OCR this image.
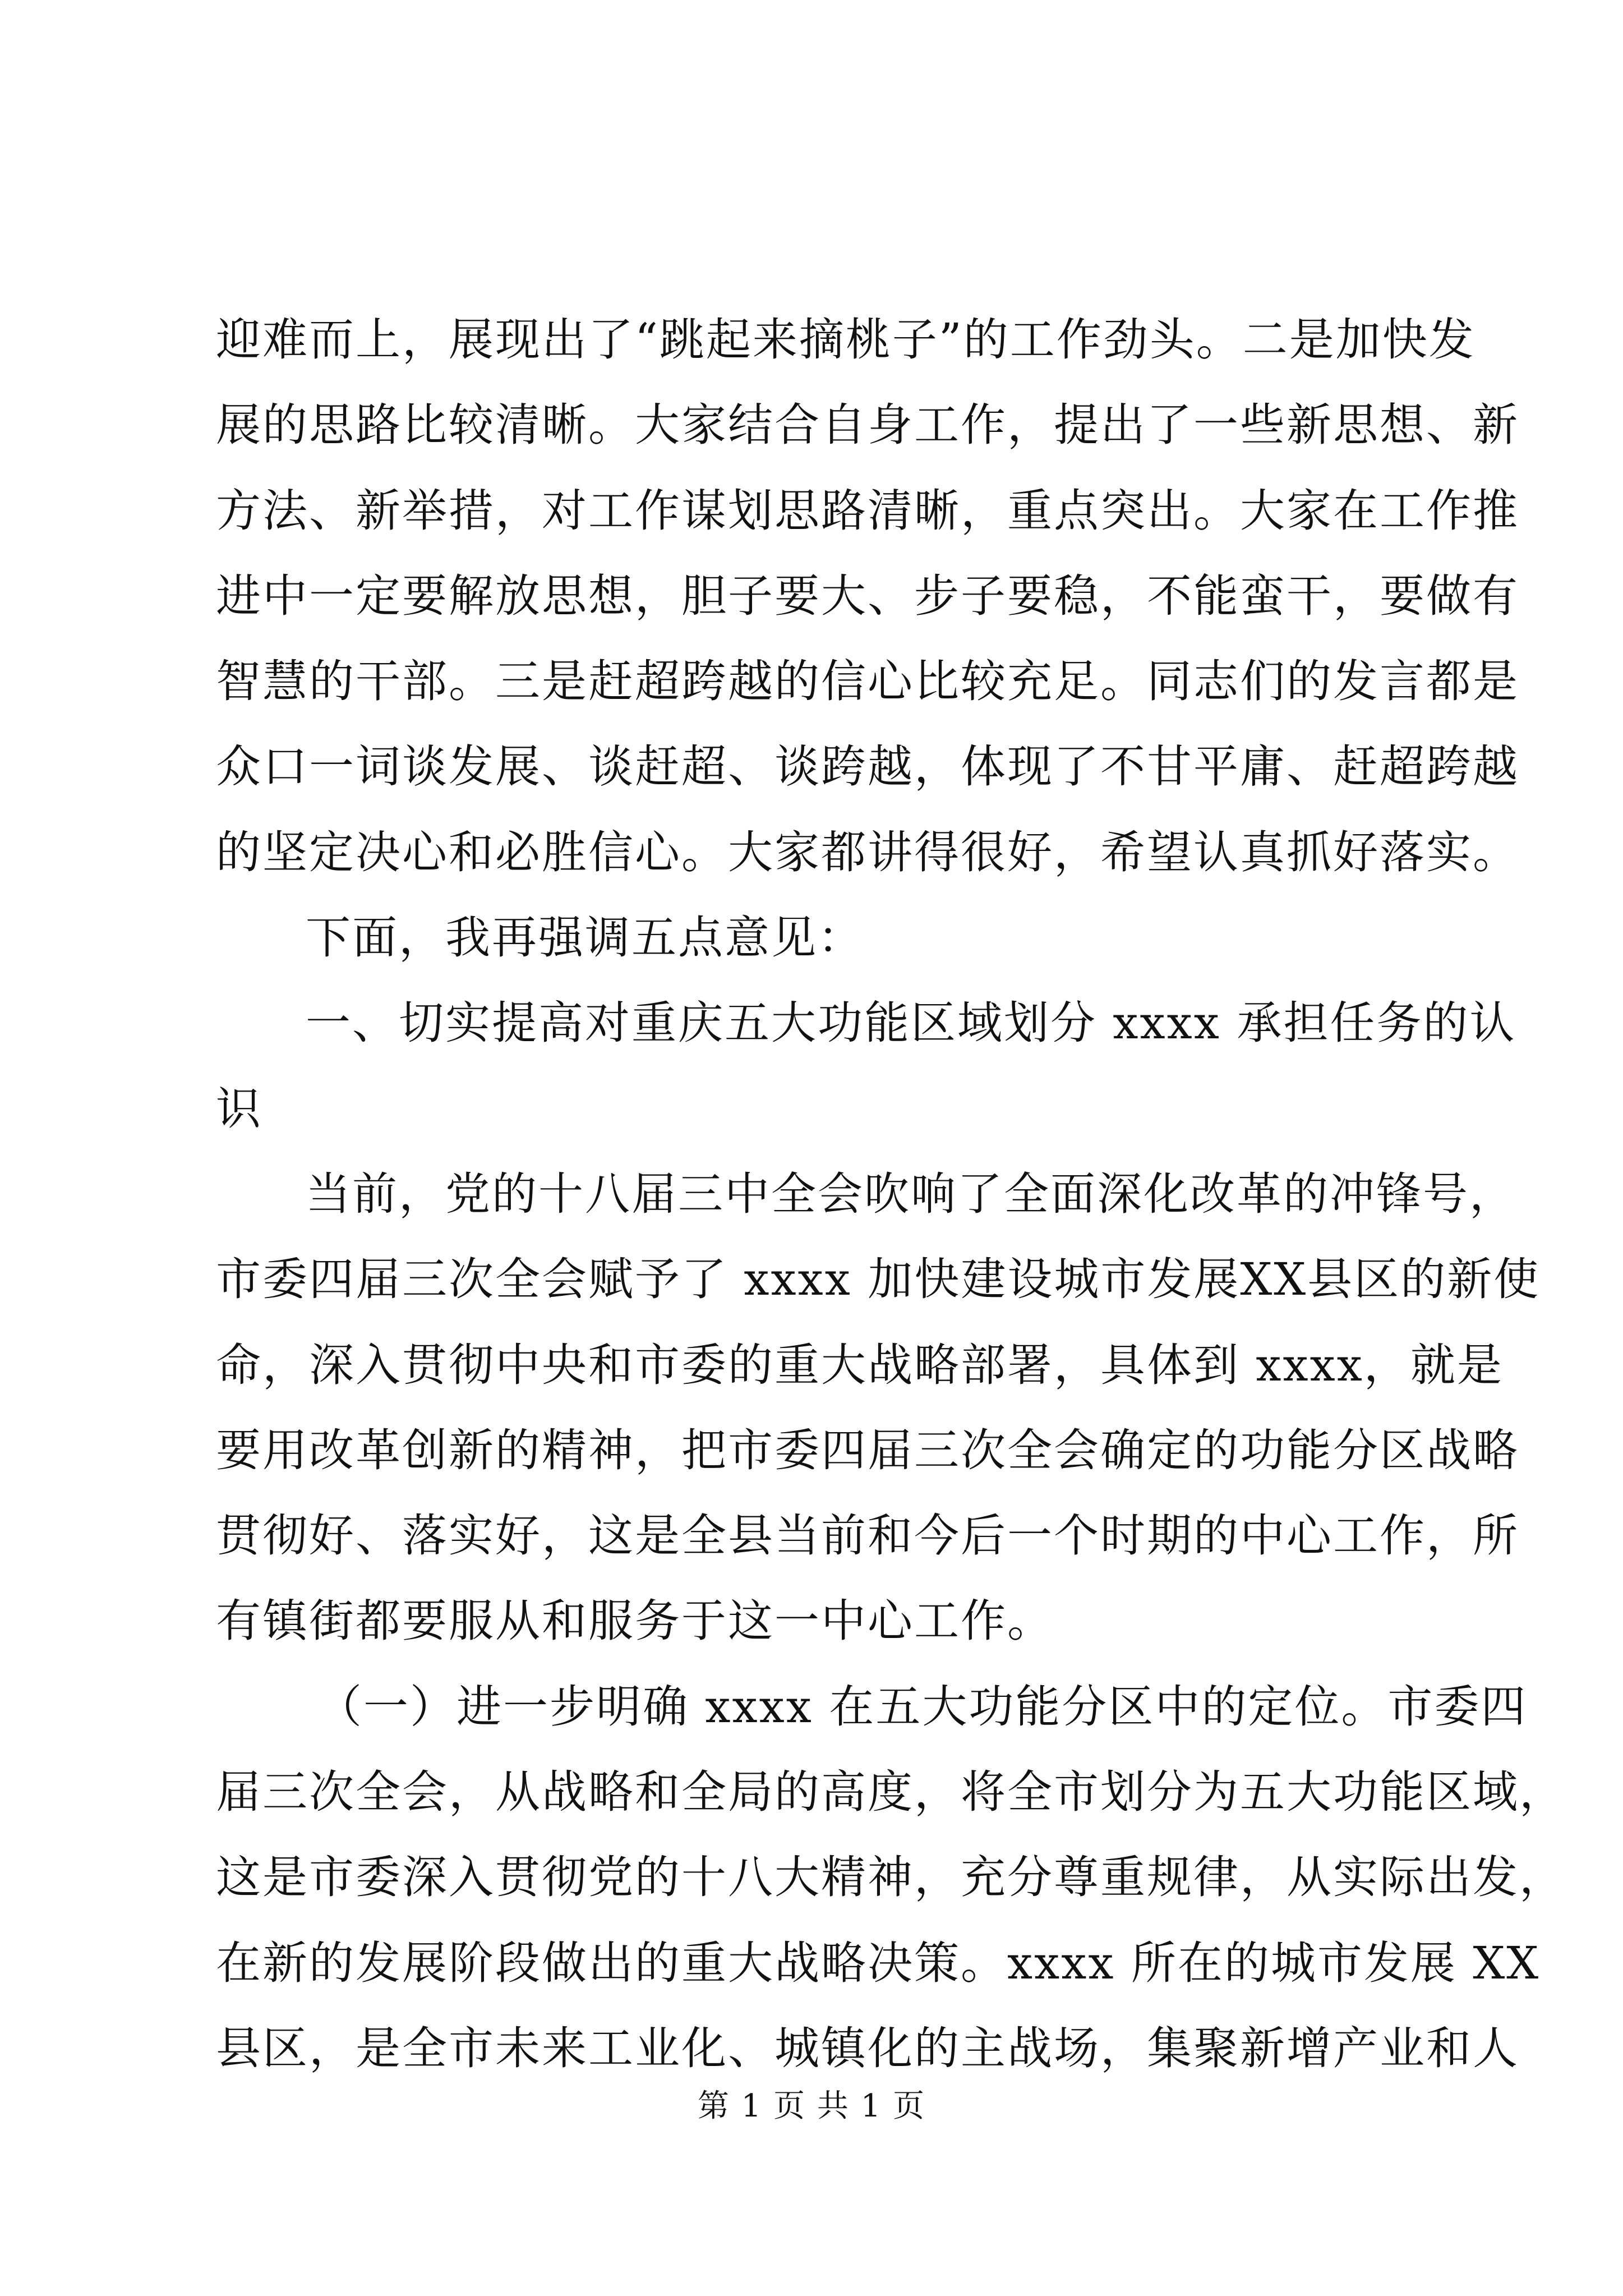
迎难而上，展现出了“跳起来摘桃子”的工作劲头。二是加快发
展的思路比较清晰。大家结合自身工作，提出了一些新思想、新
方法、新举措，对工作谋划思路清晰，重点突出。大家在工作推
进中一定要解放思想，胆子要大、步子要稳，不能蛮干，要做有
智慧的干部。三是赶超跨越的信心比较充足。同志们的发言都是
众口一词谈发展、谈赶超、谈跨越，体现了不甘平庸、赶超跨越
的坚定决心和必胜信心。大家都讲得很好，希望认真抓好落实。
下面，我再强调五点意见：
一、切实提高对重庆五大功能区域划分 xxxx 承担任务的认
识
当前，党的十八届三中全会吹响了全面深化改革的冲锋号，
市委四届三次全会赋予了 xxxx 加快建设城市发展XX县区的新使
命，深入贯彻中央和市委的重大战略部署，具体到 xxxx，就是
要用改革创新的精神，把市委四届三次全会确定的功能分区战略
贯彻好、落实好，这是全县当前和今后一个时期的中心工作，所
有镇街都要服从和服务于这一中心工作。
（一）进一步明确 xxxx 在五大功能分区中的定位。市委四
届三次全会，从战略和全局的高度，将全市划分为五大功能区域，
这是市委深入贯彻党的十八大精神，充分尊重规律，从实际出发，
在新的发展阶段做出的重大战略决策。xxxx 所在的城市发展 XX
县区，是全市未来工业化、城镇化的主战场，集聚新增产业和人
第 1 页 共 1 页
